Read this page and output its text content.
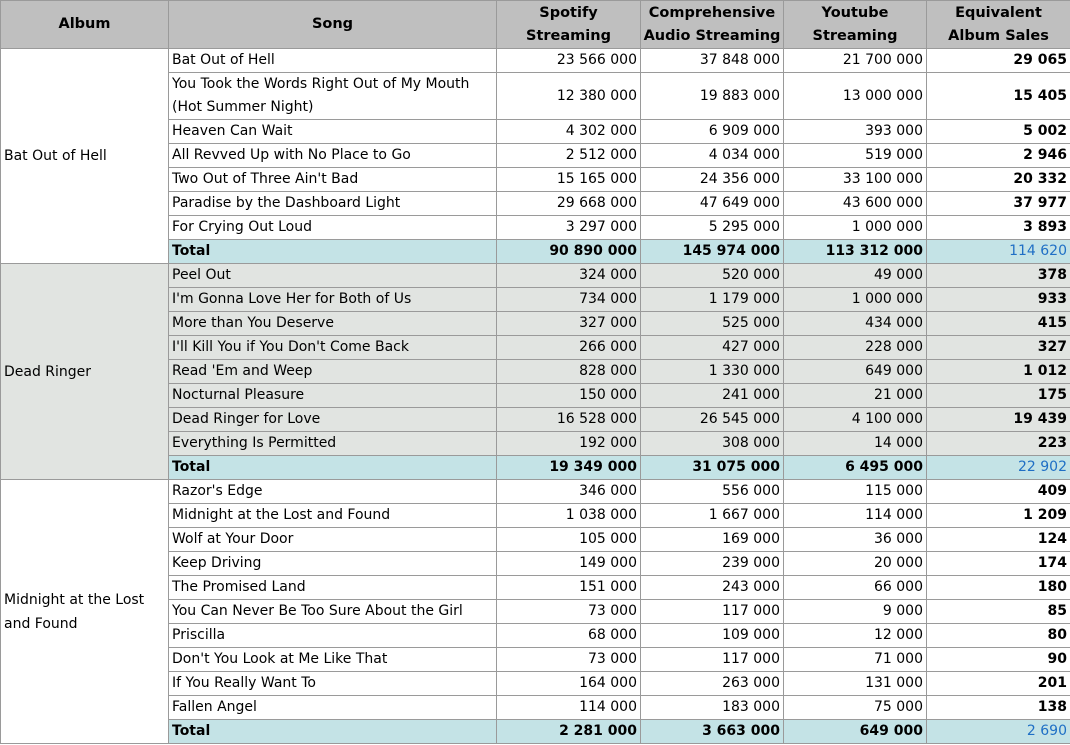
Album	Song	Spotify Streaming	Comprehensive Audio Streaming	Youtube Streaming	Equivalent Album Sales

Bat Out of Hell	Bat Out of Hell	23 566 000	37 848 000	21 700 000	29 065
	You Took the Words Right Out of My Mouth (Hot Summer Night)	12 380 000	19 883 000	13 000 000	15 405
	Heaven Can Wait	4 302 000	6 909 000	393 000	5 002
	All Revved Up with No Place to Go	2 512 000	4 034 000	519 000	2 946
	Two Out of Three Ain't Bad	15 165 000	24 356 000	33 100 000	20 332
	Paradise by the Dashboard Light	29 668 000	47 649 000	43 600 000	37 977
	For Crying Out Loud	3 297 000	5 295 000	1 000 000	3 893
	Total	90 890 000	145 974 000	113 312 000	114 620
Dead Ringer	Peel Out	324 000	520 000	49 000	378
	I'm Gonna Love Her for Both of Us	734 000	1 179 000	1 000 000	933
	More than You Deserve	327 000	525 000	434 000	415
	I'll Kill You if You Don't Come Back	266 000	427 000	228 000	327
	Read 'Em and Weep	828 000	1 330 000	649 000	1 012
	Nocturnal Pleasure	150 000	241 000	21 000	175
	Dead Ringer for Love	16 528 000	26 545 000	4 100 000	19 439
	Everything Is Permitted	192 000	308 000	14 000	223
	Total	19 349 000	31 075 000	6 495 000	22 902
Midnight at the Lost and Found	Razor's Edge	346 000	556 000	115 000	409
	Midnight at the Lost and Found	1 038 000	1 667 000	114 000	1 209
	Wolf at Your Door	105 000	169 000	36 000	124
	Keep Driving	149 000	239 000	20 000	174
	The Promised Land	151 000	243 000	66 000	180
	You Can Never Be Too Sure About the Girl	73 000	117 000	9 000	85
	Priscilla	68 000	109 000	12 000	80
	Don't You Look at Me Like That	73 000	117 000	71 000	90
	If You Really Want To	164 000	263 000	131 000	201
	Fallen Angel	114 000	183 000	75 000	138
	Total	2 281 000	3 663 000	649 000	2 690
